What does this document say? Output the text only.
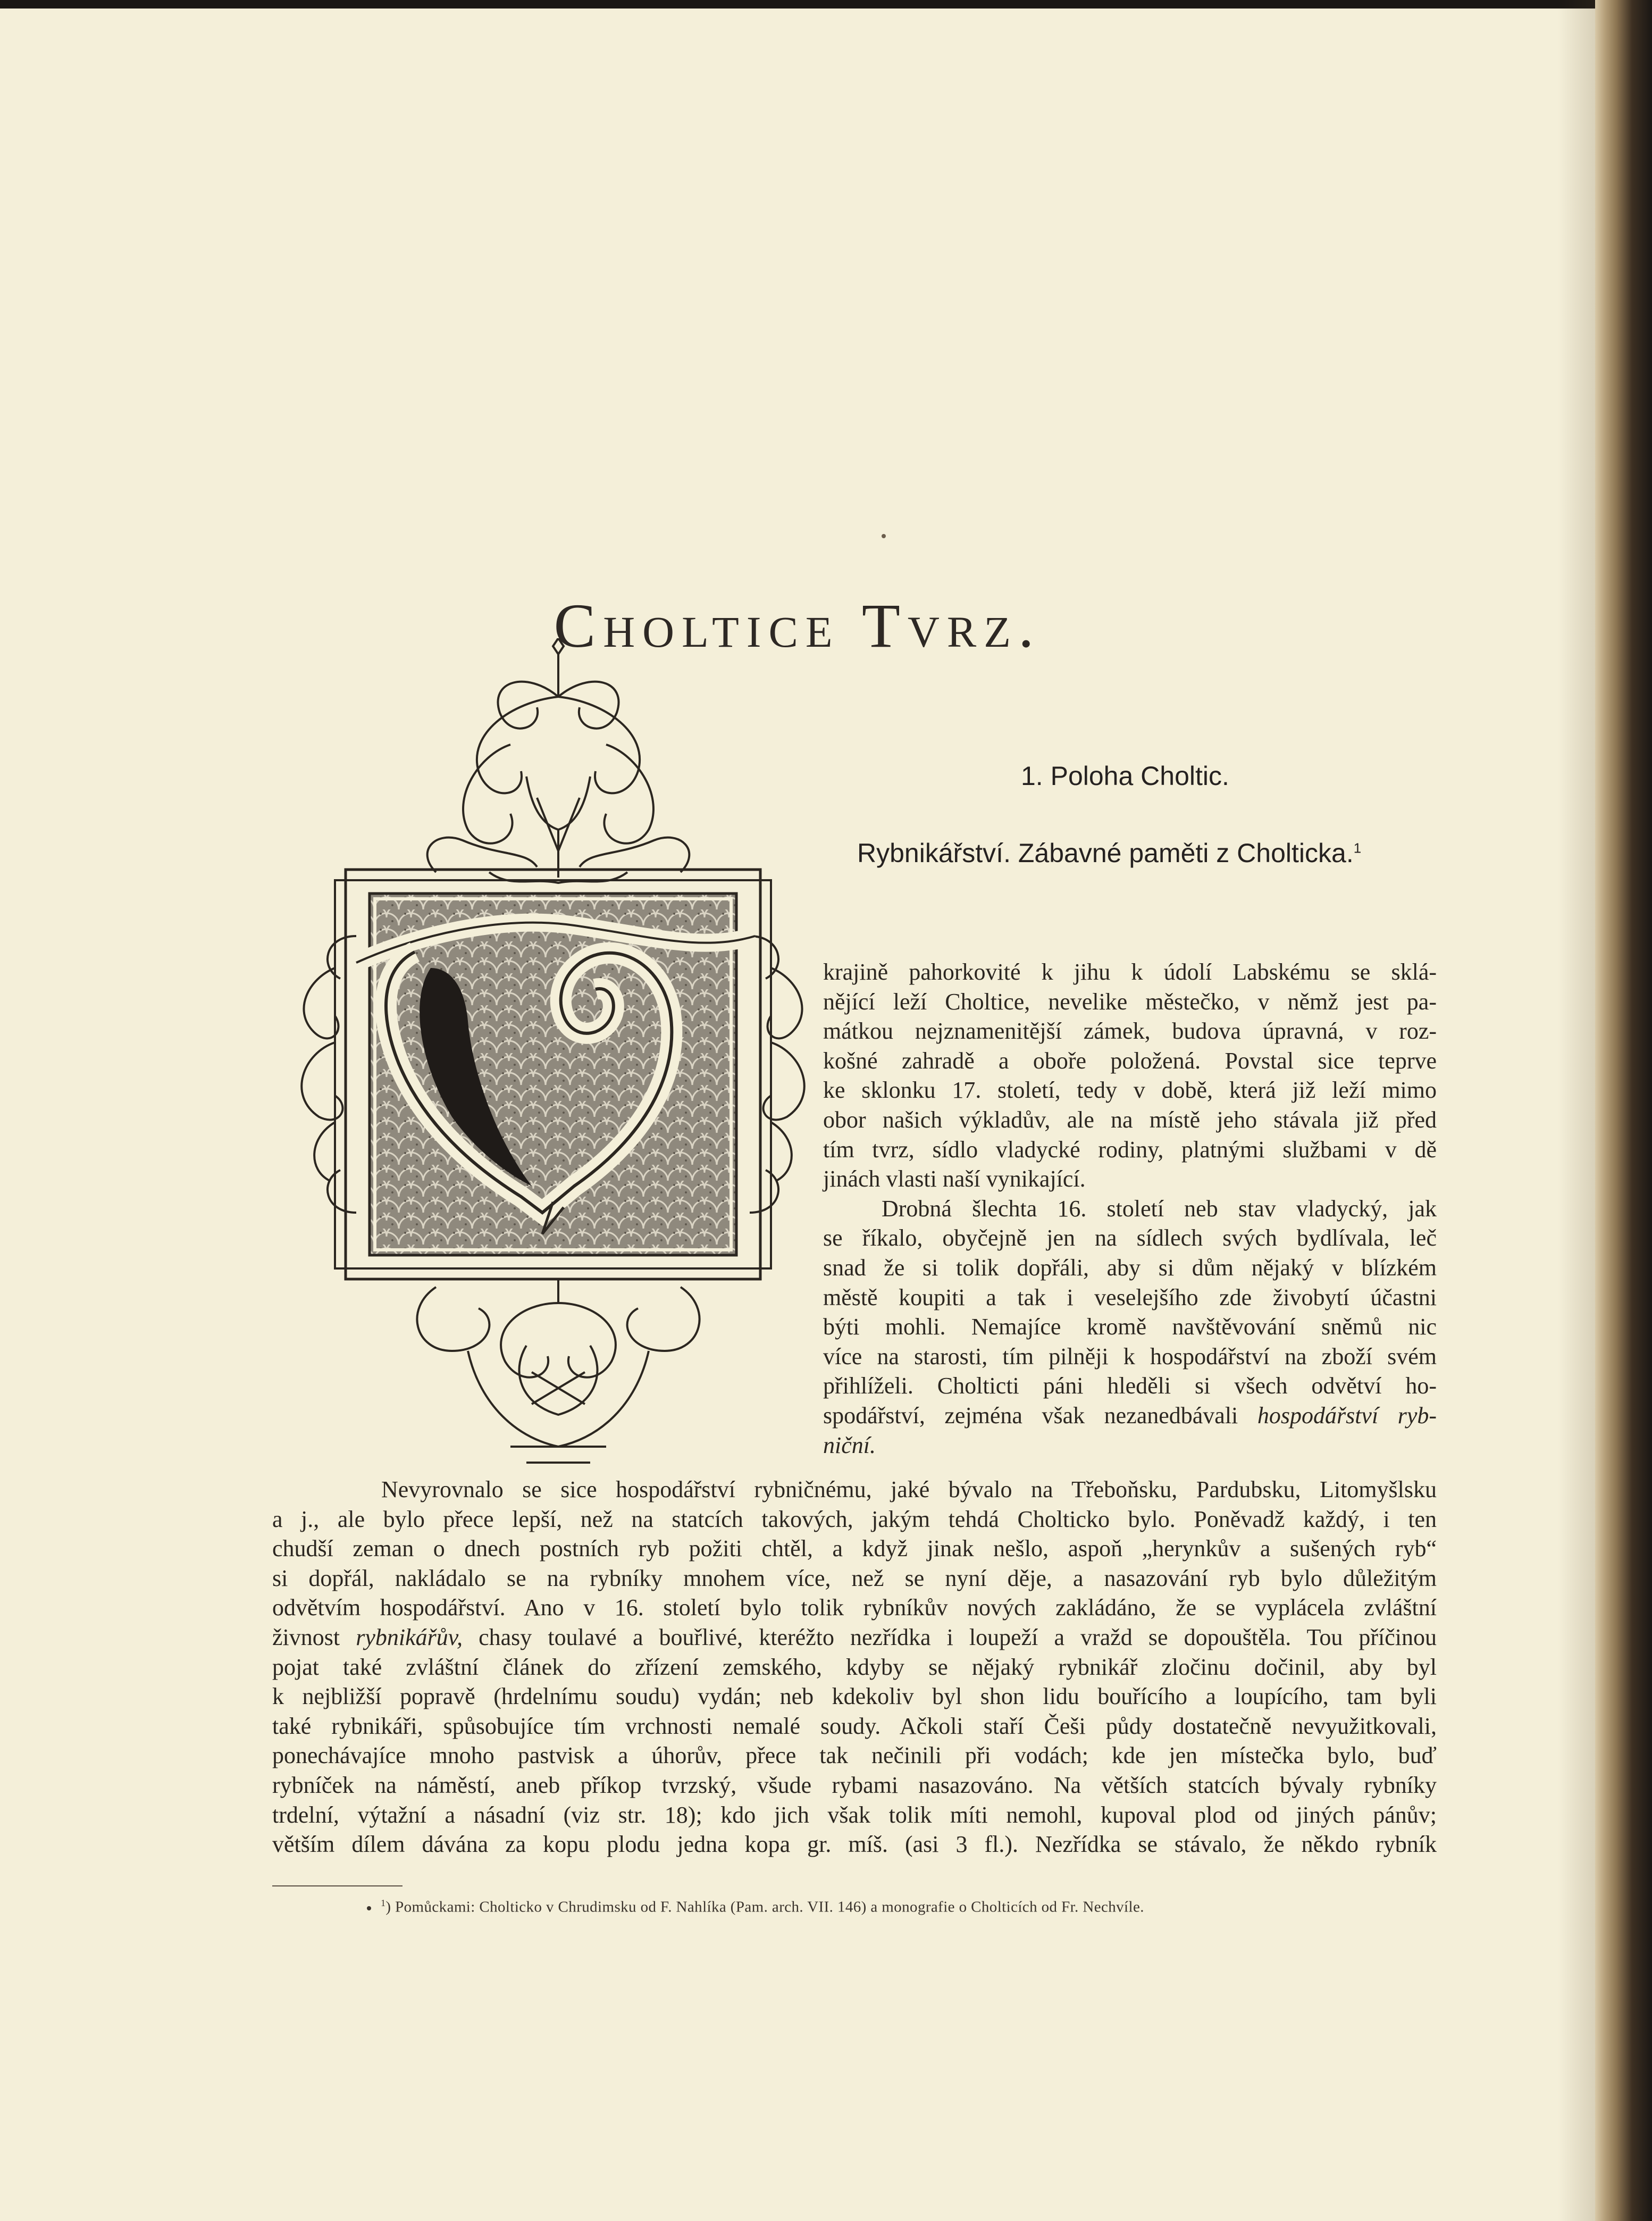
Choltice Tvrz.
1. Poloha Choltic.
Rybnikářství. Zábavné paměti z Cholticka.$^1$
krajině pahorkovité k jihu k údolí Labskému se sklá-
nějící leží Choltice, nevelike městečko, v němž jest pa-
mátkou nejznamenitější zámek, budova úpravná, v roz-
košné zahradě a oboře položená. Povstal sice teprve
ke sklonku 17. století, tedy v době, která již leží mimo
obor našich výkladův, ale na místě jeho stávala již před
tím tvrz, sídlo vladycké rodiny, platnými službami v dě
jinách vlasti naší vynikající.
Drobná šlechta 16. století neb stav vladycký, jak
se říkalo, obyčejně jen na sídlech svých bydlívala, leč
snad že si tolik dopřáli, aby si dům nějaký v blízkém
městě koupiti a tak i veselejšího zde živobytí účastni
býti mohli. Nemajíce kromě navštěvování sněmů nic
více na starosti, tím pilněji k hospodářství na zboží svém
přihlíželi. Cholticti páni hleděli si všech odvětví ho-
spodářství, zejména však nezanedbávali hospodářství ryb-
niční.
Nevyrovnalo se sice hospodářství rybničnému, jaké bývalo na Třeboňsku, Pardubsku, Litomyšlsku
a j., ale bylo přece lepší, než na statcích takových, jakým tehdá Cholticko bylo. Poněvadž každý, i ten
chudší zeman o dnech postních ryb požiti chtěl, a když jinak nešlo, aspoň „herynkův a sušených ryb“
si dopřál, nakládalo se na rybníky mnohem více, než se nyní děje, a nasazování ryb bylo důležitým
odvětvím hospodářství. Ano v 16. století bylo tolik rybníkův nových zakládáno, že se vyplácela zvláštní
živnost rybnikářův, chasy toulavé a bouřlivé, kteréžto nezřídka i loupeží a vražd se dopouštěla. Tou příčinou
pojat také zvláštní článek do zřízení zemského, kdyby se nějaký rybnikář zločinu dočinil, aby byl
k nejbližší popravě (hrdelnímu soudu) vydán; neb kdekoliv byl shon lidu bouřícího a loupícího, tam byli
také rybnikáři, spůsobujíce tím vrchnosti nemalé soudy. Ačkoli staří Češi půdy dostatečně nevyužitkovali,
ponechávajíce mnoho pastvisk a úhorův, přece tak nečinili při vodách; kde jen místečka bylo, buď
rybníček na náměstí, aneb příkop tvrzský, všude rybami nasazováno. Na větších statcích bývaly rybníky
trdelní, výtažní a násadní (viz str. 18); kdo jich však tolik míti nemohl, kupoval plod od jiných pánův;
větším dílem dávána za kopu plodu jedna kopa gr. míš. (asi 3 fl.). Nezřídka se stávalo, že někdo rybník
$^1$) Pomůckami: Cholticko v Chrudimsku od F. Nahlíka (Pam. arch. VII. 146) a monografie o Cholticích od Fr. Nechvíle.
